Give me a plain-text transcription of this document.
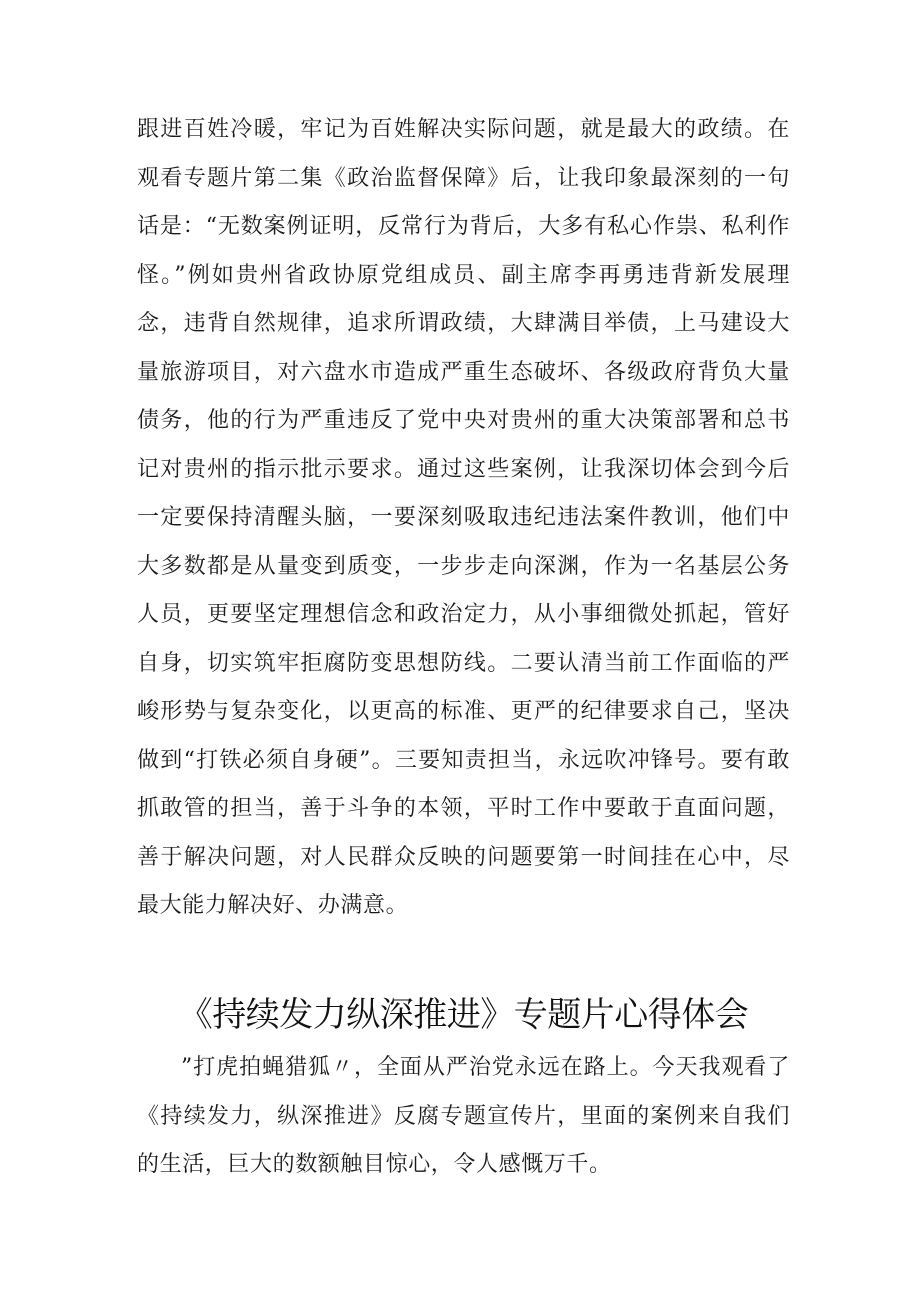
跟进百姓冷暖，牢记为百姓解决实际问题，就是最大的政绩。在观看专题片第二集《政治监督保障》后，让我印象最深刻的一句话是：“无数案例证明，反常行为背后，大多有私心作祟、私利作怪。”例如贵州省政协原党组成员、副主席李再勇违背新发展理念，违背自然规律，追求所谓政绩，大肆满目举债，上马建设大量旅游项目，对六盘水市造成严重生态破坏、各级政府背负大量债务，他的行为严重违反了党中央对贵州的重大决策部署和总书记对贵州的指示批示要求。通过这些案例，让我深切体会到今后一定要保持清醒头脑，一要深刻吸取违纪违法案件教训，他们中大多数都是从量变到质变，一步步走向深渊，作为一名基层公务人员，更要坚定理想信念和政治定力，从小事细微处抓起，管好自身，切实筑牢拒腐防变思想防线。二要认清当前工作面临的严峻形势与复杂变化，以更高的标准、更严的纪律要求自己，坚决做到“打铁必须自身硬”。三要知责担当，永远吹冲锋号。要有敢抓敢管的担当，善于斗争的本领，平时工作中要敢于直面问题，善于解决问题，对人民群众反映的问题要第一时间挂在心中，尽最大能力解决好、办满意。

《持续发力纵深推进》专题片心得体会

”打虎拍蝇猎狐〃，全面从严治党永远在路上。今天我观看了《持续发力，纵深推进》反腐专题宣传片，里面的案例来自我们的生活，巨大的数额触目惊心，令人感慨万千。
